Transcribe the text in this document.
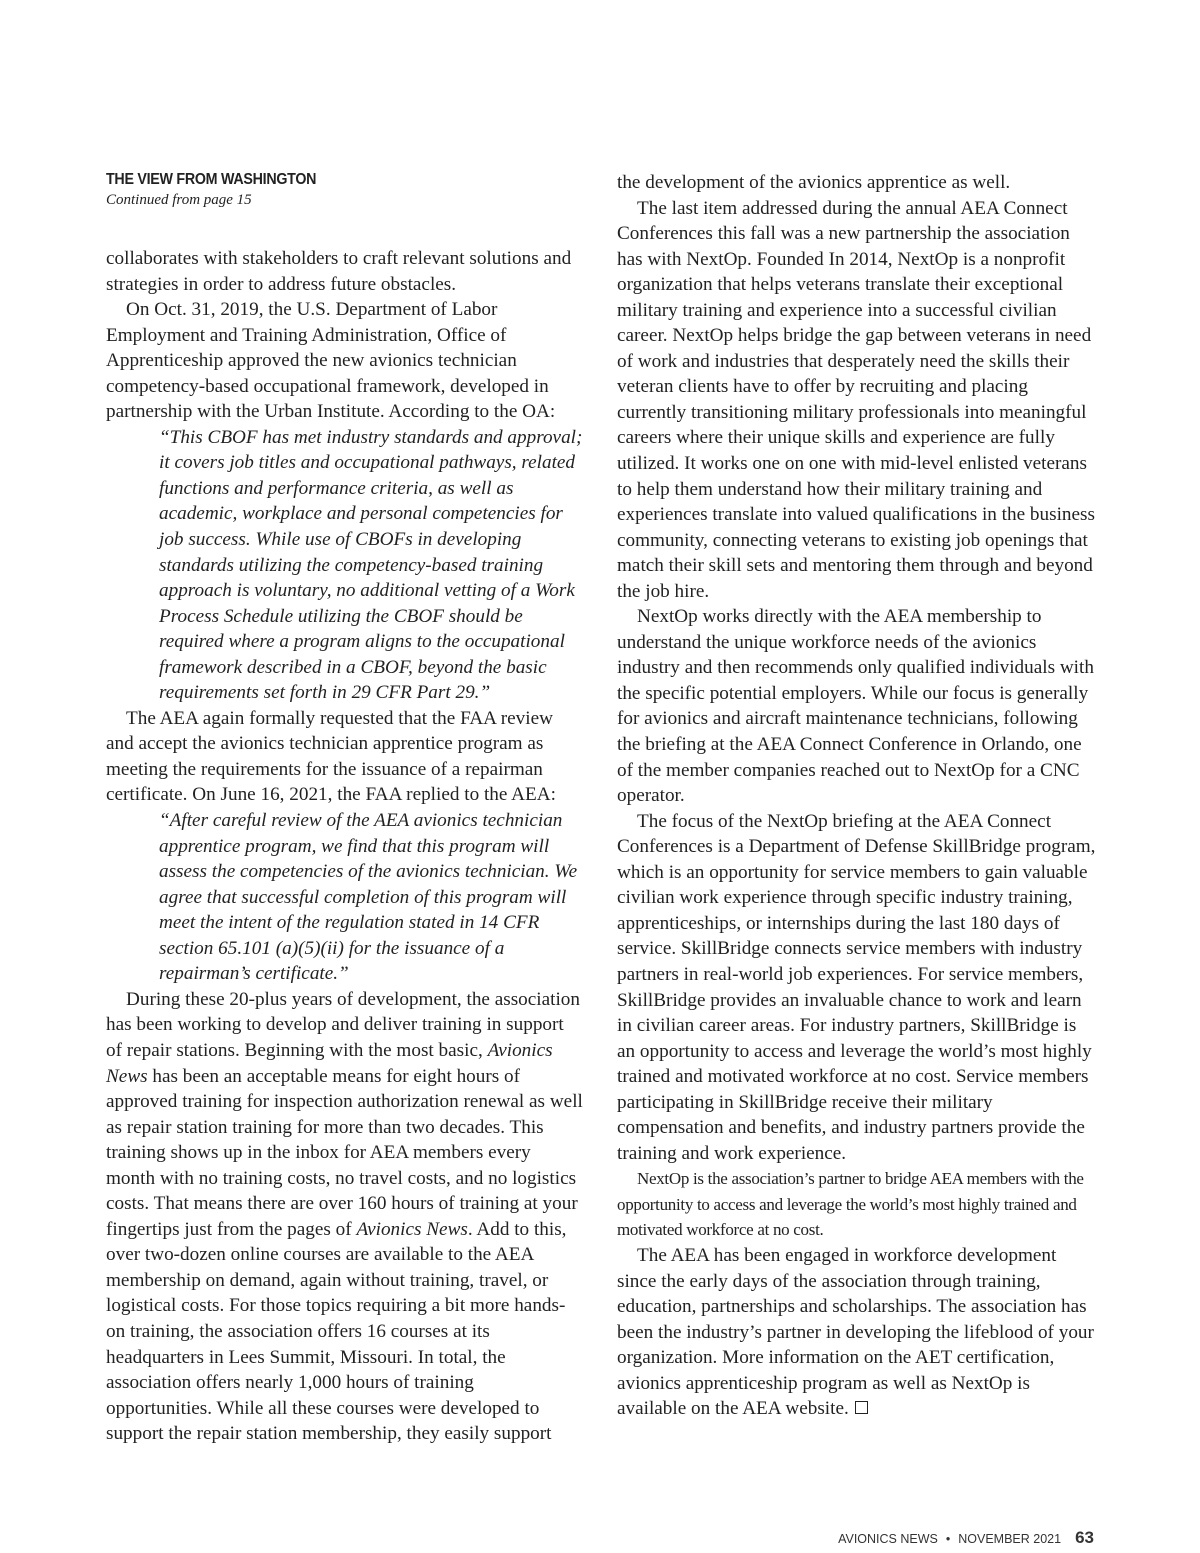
THE VIEW FROM WASHINGTON
Continued from page 15

collaborates with stakeholders to craft relevant solutions and strategies in order to address future obstacles.

On Oct. 31, 2019, the U.S. Department of Labor Employment and Training Administration, Office of Apprenticeship approved the new avionics technician competency-based occupational framework, developed in partnership with the Urban Institute. According to the OA:

“This CBOF has met industry standards and approval; it covers job titles and occupational pathways, related functions and performance criteria, as well as academic, workplace and personal competencies for job success. While use of CBOFs in developing standards utilizing the competency-based training approach is voluntary, no additional vetting of a Work Process Schedule utilizing the CBOF should be required where a program aligns to the occupational framework described in a CBOF, beyond the basic requirements set forth in 29 CFR Part 29.”

The AEA again formally requested that the FAA review and accept the avionics technician apprentice program as meeting the requirements for the issuance of a repairman certificate. On June 16, 2021, the FAA replied to the AEA:

“After careful review of the AEA avionics technician apprentice program, we find that this program will assess the competencies of the avionics technician. We agree that successful completion of this program will meet the intent of the regulation stated in 14 CFR section 65.101 (a)(5)(ii) for the issuance of a repairman’s certificate.”

During these 20-plus years of development, the association has been working to develop and deliver training in support of repair stations. Beginning with the most basic, Avionics News has been an acceptable means for eight hours of approved training for inspection authorization renewal as well as repair station training for more than two decades. This training shows up in the inbox for AEA members every month with no training costs, no travel costs, and no logistics costs. That means there are over 160 hours of training at your fingertips just from the pages of Avionics News. Add to this, over two-dozen online courses are available to the AEA membership on demand, again without training, travel, or logistical costs. For those topics requiring a bit more hands-on training, the association offers 16 courses at its headquarters in Lees Summit, Missouri. In total, the association offers nearly 1,000 hours of training opportunities. While all these courses were developed to support the repair station membership, they easily support

the development of the avionics apprentice as well.

The last item addressed during the annual AEA Connect Conferences this fall was a new partnership the association has with NextOp. Founded In 2014, NextOp is a nonprofit organization that helps veterans translate their exceptional military training and experience into a successful civilian career. NextOp helps bridge the gap between veterans in need of work and industries that desperately need the skills their veteran clients have to offer by recruiting and placing currently transitioning military professionals into meaningful careers where their unique skills and experience are fully utilized. It works one on one with mid-level enlisted veterans to help them understand how their military training and experiences translate into valued qualifications in the business community, connecting veterans to existing job openings that match their skill sets and mentoring them through and beyond the job hire.

NextOp works directly with the AEA membership to understand the unique workforce needs of the avionics industry and then recommends only qualified individuals with the specific potential employers. While our focus is generally for avionics and aircraft maintenance technicians, following the briefing at the AEA Connect Conference in Orlando, one of the member companies reached out to NextOp for a CNC operator.

The focus of the NextOp briefing at the AEA Connect Conferences is a Department of Defense SkillBridge program, which is an opportunity for service members to gain valuable civilian work experience through specific industry training, apprenticeships, or internships during the last 180 days of service. SkillBridge connects service members with industry partners in real-world job experiences. For service members, SkillBridge provides an invaluable chance to work and learn in civilian career areas. For industry partners, SkillBridge is an opportunity to access and leverage the world’s most highly trained and motivated workforce at no cost. Service members participating in SkillBridge receive their military compensation and benefits, and industry partners provide the training and work experience.

NextOp is the association’s partner to bridge AEA members with the opportunity to access and leverage the world’s most highly trained and motivated workforce at no cost.

The AEA has been engaged in workforce development since the early days of the association through training, education, partnerships and scholarships. The association has been the industry’s partner in developing the lifeblood of your organization. More information on the AET certification, avionics apprenticeship program as well as NextOp is available on the AEA website.

AVIONICS NEWS • NOVEMBER 2021 63
